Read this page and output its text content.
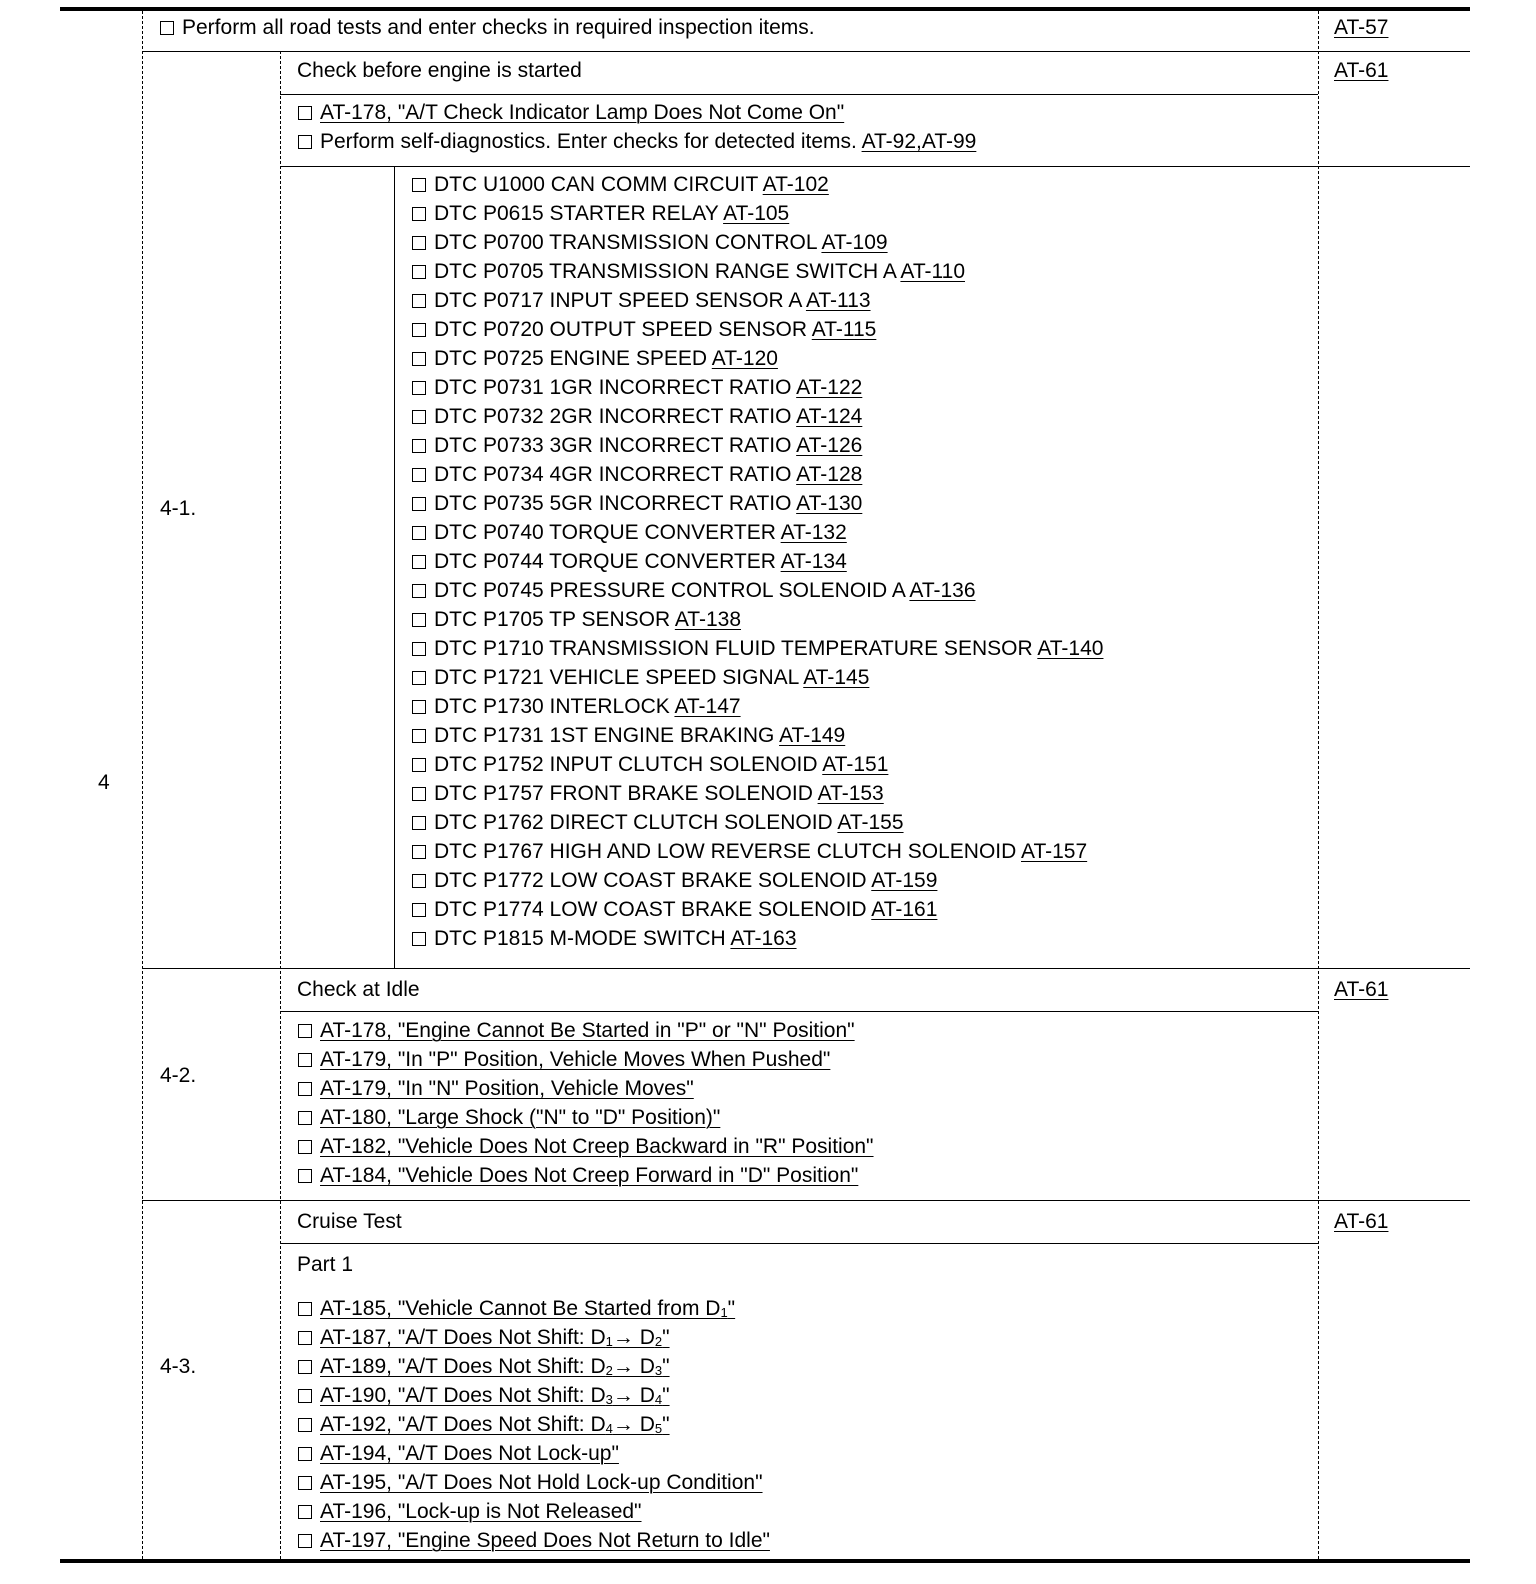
4
Perform all road tests and enter checks in required inspection items.	AT-57
4-1.
Check before engine is started	AT-61
AT-178, "A/T Check Indicator Lamp Does Not Come On"
Perform self-diagnostics. Enter checks for detected items. AT-92,AT-99
DTC U1000 CAN COMM CIRCUIT AT-102
DTC P0615 STARTER RELAY AT-105
DTC P0700 TRANSMISSION CONTROL AT-109
DTC P0705 TRANSMISSION RANGE SWITCH A AT-110
DTC P0717 INPUT SPEED SENSOR A AT-113
DTC P0720 OUTPUT SPEED SENSOR AT-115
DTC P0725 ENGINE SPEED AT-120
DTC P0731 1GR INCORRECT RATIO AT-122
DTC P0732 2GR INCORRECT RATIO AT-124
DTC P0733 3GR INCORRECT RATIO AT-126
DTC P0734 4GR INCORRECT RATIO AT-128
DTC P0735 5GR INCORRECT RATIO AT-130
DTC P0740 TORQUE CONVERTER AT-132
DTC P0744 TORQUE CONVERTER AT-134
DTC P0745 PRESSURE CONTROL SOLENOID A AT-136
DTC P1705 TP SENSOR AT-138
DTC P1710 TRANSMISSION FLUID TEMPERATURE SENSOR AT-140
DTC P1721 VEHICLE SPEED SIGNAL AT-145
DTC P1730 INTERLOCK AT-147
DTC P1731 1ST ENGINE BRAKING AT-149
DTC P1752 INPUT CLUTCH SOLENOID AT-151
DTC P1757 FRONT BRAKE SOLENOID AT-153
DTC P1762 DIRECT CLUTCH SOLENOID AT-155
DTC P1767 HIGH AND LOW REVERSE CLUTCH SOLENOID AT-157
DTC P1772 LOW COAST BRAKE SOLENOID AT-159
DTC P1774 LOW COAST BRAKE SOLENOID AT-161
DTC P1815 M-MODE SWITCH AT-163
4-2.
Check at Idle	AT-61
AT-178, "Engine Cannot Be Started in "P" or "N" Position"
AT-179, "In "P" Position, Vehicle Moves When Pushed"
AT-179, "In "N" Position, Vehicle Moves"
AT-180, "Large Shock ("N" to "D" Position)"
AT-182, "Vehicle Does Not Creep Backward in "R" Position"
AT-184, "Vehicle Does Not Creep Forward in "D" Position"
4-3.
Cruise Test	AT-61
Part 1
AT-185, "Vehicle Cannot Be Started from $D_1$"
AT-187, "A/T Does Not Shift: $D_1\to D_2$"
AT-189, "A/T Does Not Shift: $D_2\to D_3$"
AT-190, "A/T Does Not Shift: $D_3\to D_4$"
AT-192, "A/T Does Not Shift: $D_4\to D_5$"
AT-194, "A/T Does Not Lock-up"
AT-195, "A/T Does Not Hold Lock-up Condition"
AT-196, "Lock-up is Not Released"
AT-197, "Engine Speed Does Not Return to Idle"
